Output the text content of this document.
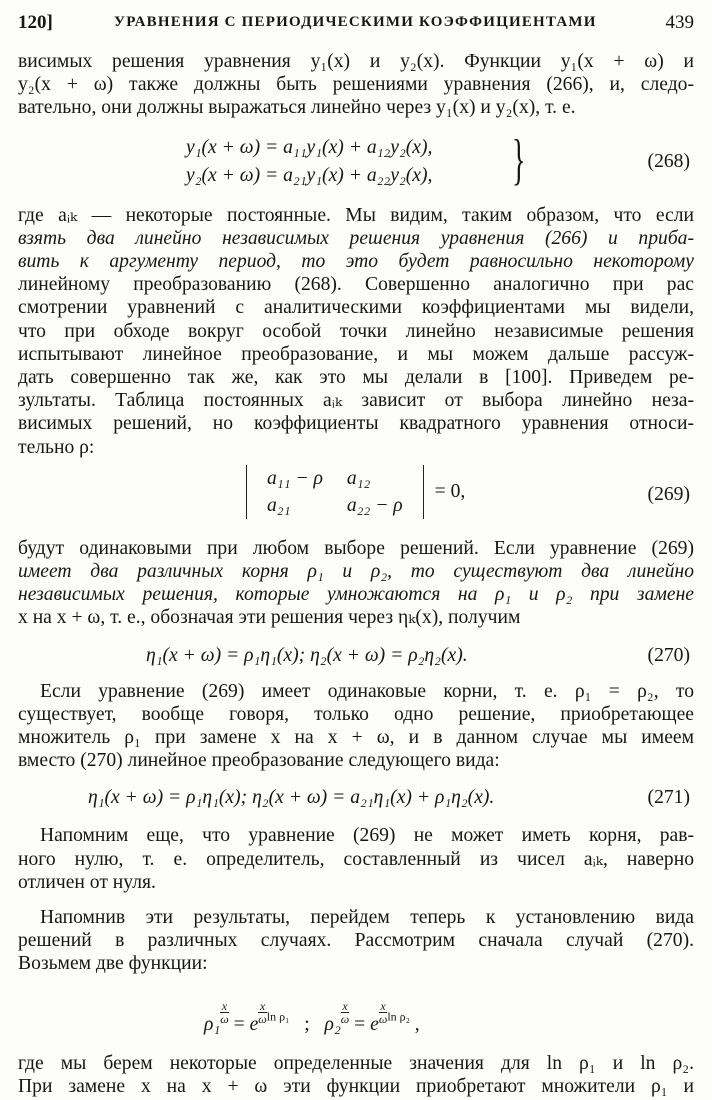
120]	УРАВНЕНИЯ С ПЕРИОДИЧЕСКИМИ КОЭФФИЦИЕНТАМИ	439

висимых решения уравнения y₁(x) и y₂(x). Функции y₁(x + ω) и

y₂(x + ω) также должны быть решениями уравнения (266), и, следо-

вательно, они должны выражаться линейно через y₁(x) и y₂(x), т. е.

y₁(x + ω) = a₁₁y₁(x) + a₁₂y₂(x),
y₂(x + ω) = a₂₁y₁(x) + a₂₂y₂(x), }	(268)

где aᵢₖ — некоторые постоянные. Мы видим, таким образом, что если

взять два линейно независимых решения уравнения (266) и приба-

вить к аргументу период, то это будет равносильно некоторому

линейному преобразованию (268). Совершенно аналогично при рас

смотрении уравнений с аналитическими коэффициентами мы видели,

что при обходе вокруг особой точки линейно независимые решения

испытывают линейное преобразование, и мы можем дальше рассуж-

дать совершенно так же, как это мы делали в [100]. Приведем ре-

зультаты. Таблица постоянных aᵢₖ зависит от выбора линейно неза-

висимых решений, но коэффициенты квадратного уравнения относи-

тельно ρ:

a₁₁ − ρ	a₁₂
a₂₁	a₂₂ − ρ
= 0,	(269)

будут одинаковыми при любом выборе решений. Если уравнение (269)

имеет два различных корня ρ₁ и ρ₂, то существуют два линейно

независимых решения, которые умножаются на ρ₁ и ρ₂ при замене

x на x + ω, т. е., обозначая эти решения через ηₖ(x), получим

η₁(x + ω) = ρ₁η₁(x); η₂(x + ω) = ρ₂η₂(x).	(270)

Если уравнение (269) имеет одинаковые корни, т. е. ρ₁ = ρ₂, то

существует, вообще говоря, только одно решение, приобретающее

множитель ρ₁ при замене x на x + ω, и в данном случае мы имеем

вместо (270) линейное преобразование следующего вида:

η₁(x + ω) = ρ₁η₁(x); η₂(x + ω) = a₂₁η₁(x) + ρ₁η₂(x).	(271)

Напомним еще, что уравнение (269) не может иметь корня, рав-

ного нулю, т. е. определитель, составленный из чисел aᵢₖ, наверно

отличен от нуля.

Напомнив эти результаты, перейдем теперь к установлению вида

решений в различных случаях. Рассмотрим сначала случай (270).

Возьмем две функции:

$\rho_1 \frac{x}{\omega} = e \frac{x}{\omega} ^{ln \rho_1}$ ; $\rho_2 \frac{x}{\omega} = e \frac{x}{\omega} ^{ln \rho_2}$ ,

где мы берем некоторые определенные значения для ln ρ₁ и ln ρ₂.

При замене x на x + ω эти функции приобретают множители ρ₁ и
